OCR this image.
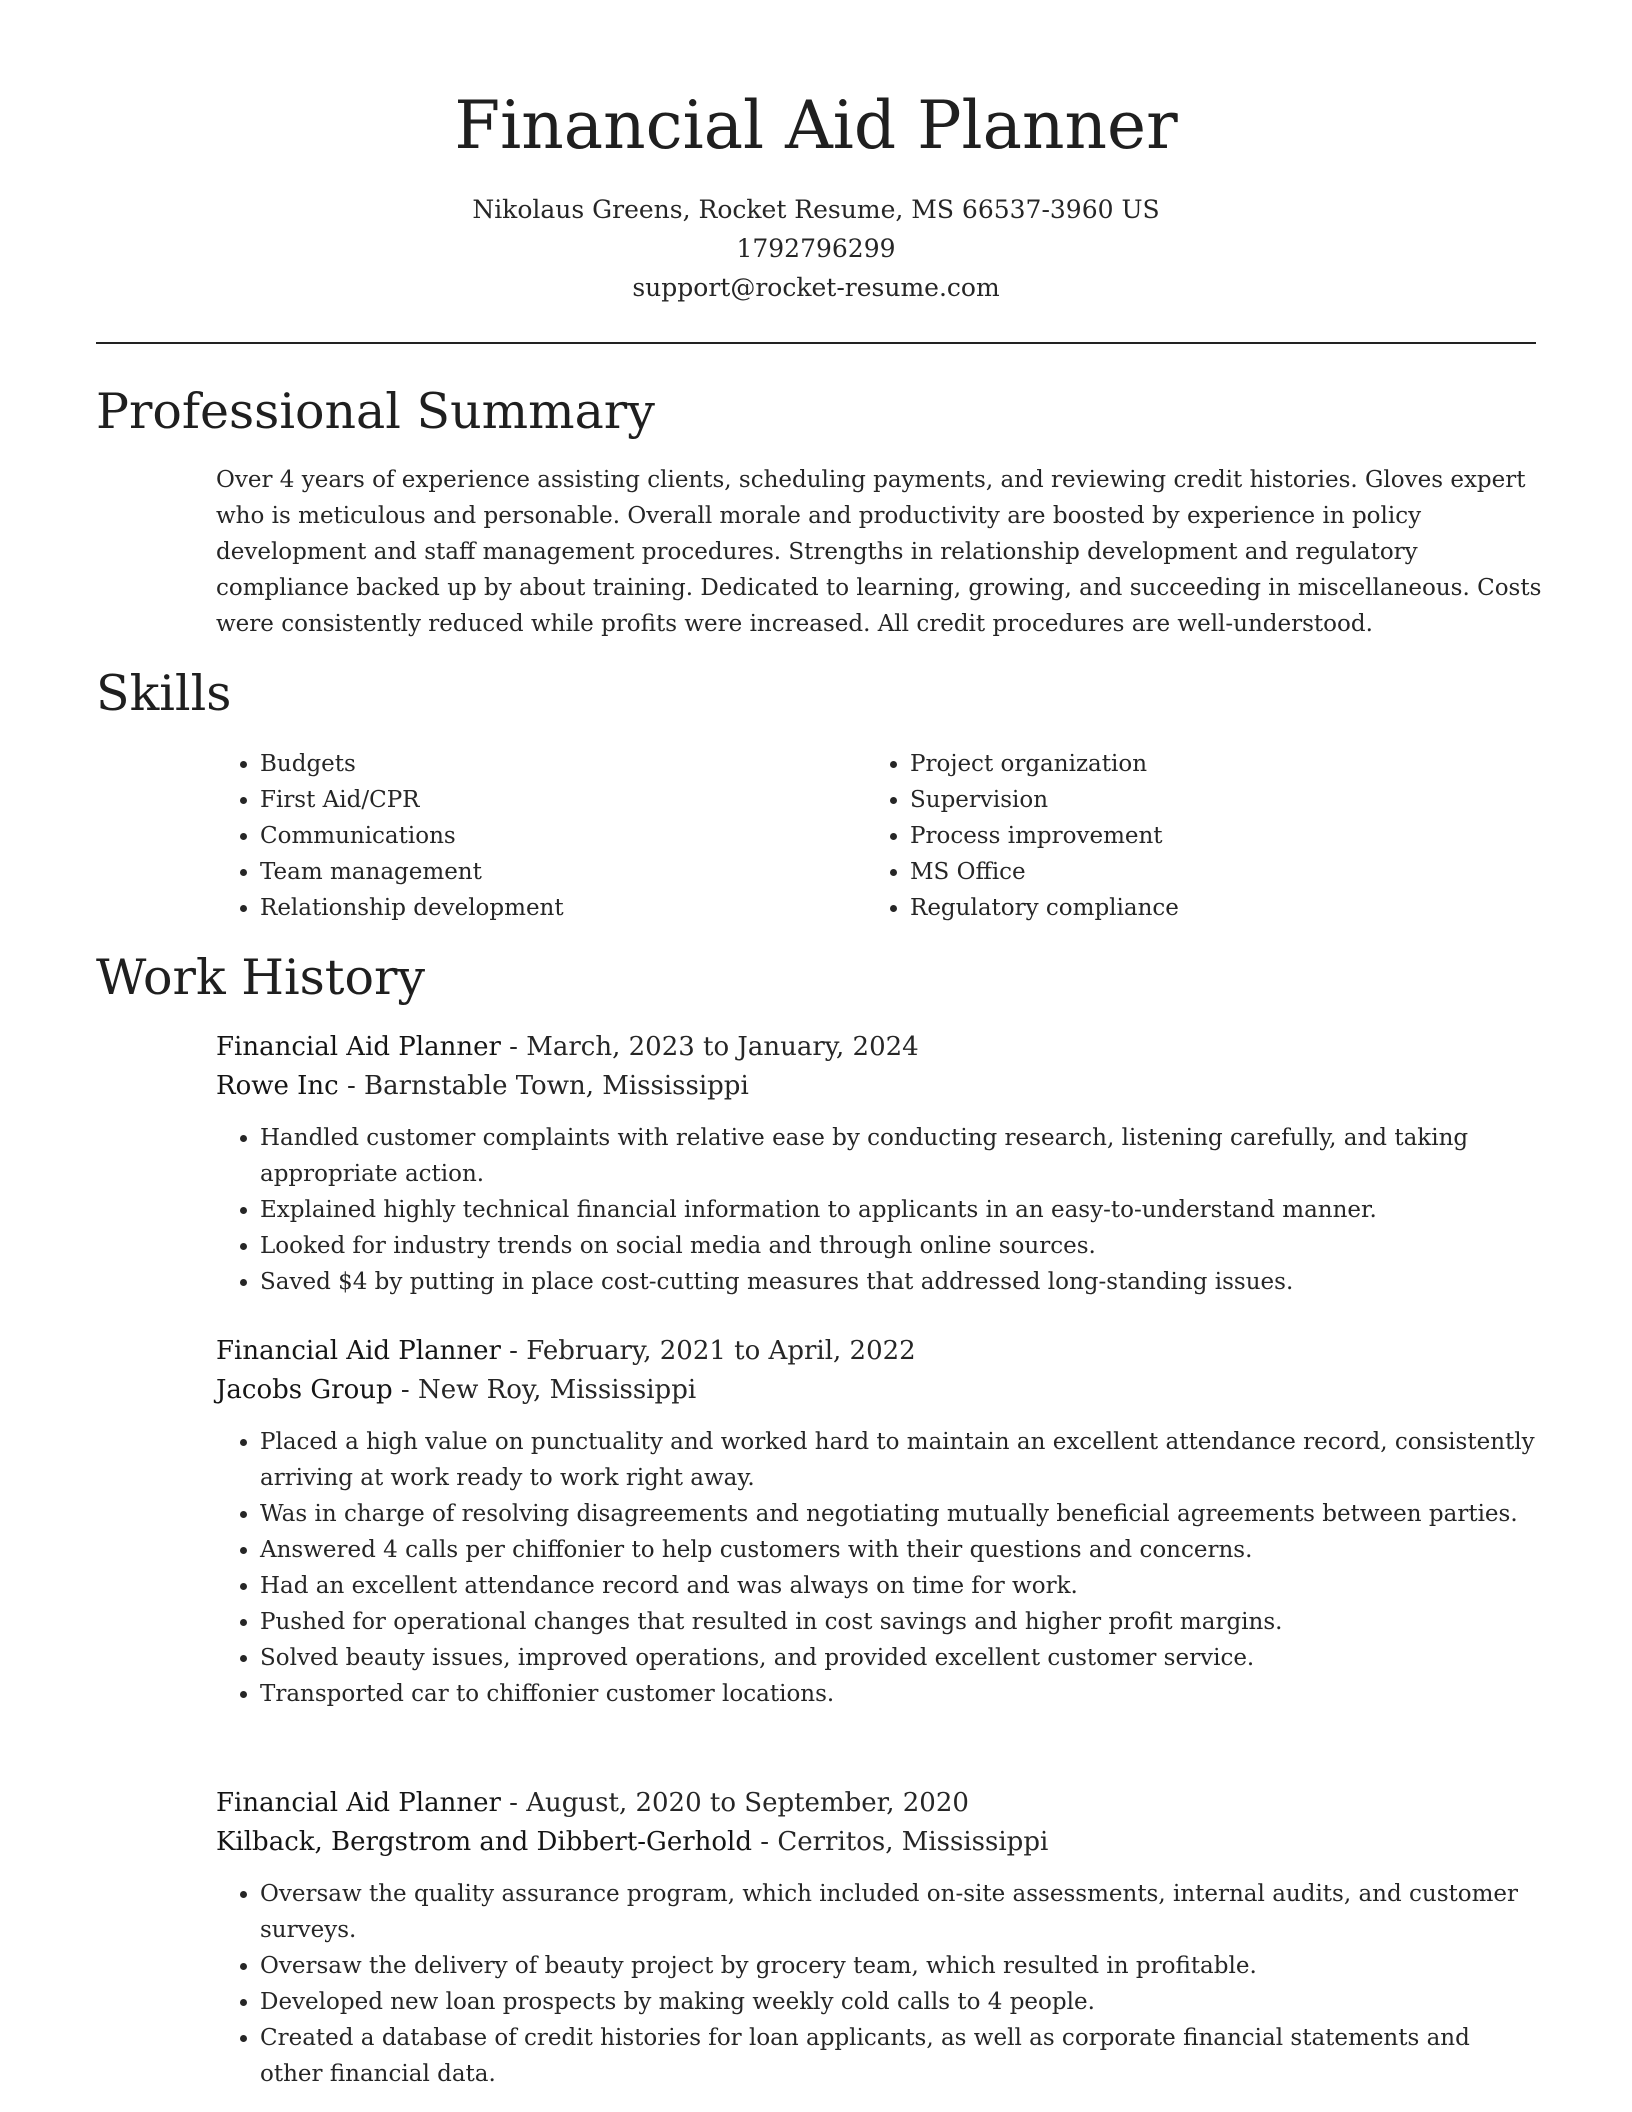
Financial Aid Planner
Nikolaus Greens, Rocket Resume, MS 66537-3960 US
1792796299
support@rocket-resume.com
Professional Summary

Over 4 years of experience assisting clients, scheduling payments, and reviewing credit histories. Gloves expert who is meticulous and personable. Overall morale and productivity are boosted by experience in policy development and staff management procedures. Strengths in relationship development and regulatory compliance backed up by about training. Dedicated to learning, growing, and succeeding in miscellaneous. Costs were consistently reduced while profits were increased. All credit procedures are well-understood.

Skills
• Budgets
• First Aid/CPR
• Communications
• Team management
• Relationship development
• Project organization
• Supervision
• Process improvement
• MS Office
• Regulatory compliance
Work History
Financial Aid Planner - March, 2023 to January, 2024
Rowe Inc - Barnstable Town, Mississippi
• Handled customer complaints with relative ease by conducting research, listening carefully, and taking appropriate action.
• Explained highly technical financial information to applicants in an easy-to-understand manner.
• Looked for industry trends on social media and through online sources.
• Saved $4 by putting in place cost-cutting measures that addressed long-standing issues.
Financial Aid Planner - February, 2021 to April, 2022
Jacobs Group - New Roy, Mississippi
• Placed a high value on punctuality and worked hard to maintain an excellent attendance record, consistently arriving at work ready to work right away.
• Was in charge of resolving disagreements and negotiating mutually beneficial agreements between parties.
• Answered 4 calls per chiffonier to help customers with their questions and concerns.
• Had an excellent attendance record and was always on time for work.
• Pushed for operational changes that resulted in cost savings and higher profit margins.
• Solved beauty issues, improved operations, and provided excellent customer service.
• Transported car to chiffonier customer locations.
Financial Aid Planner - August, 2020 to September, 2020
Kilback, Bergstrom and Dibbert-Gerhold - Cerritos, Mississippi
• Oversaw the quality assurance program, which included on-site assessments, internal audits, and customer surveys.
• Oversaw the delivery of beauty project by grocery team, which resulted in profitable.
• Developed new loan prospects by making weekly cold calls to 4 people.
• Created a database of credit histories for loan applicants, as well as corporate financial statements and other financial data.
